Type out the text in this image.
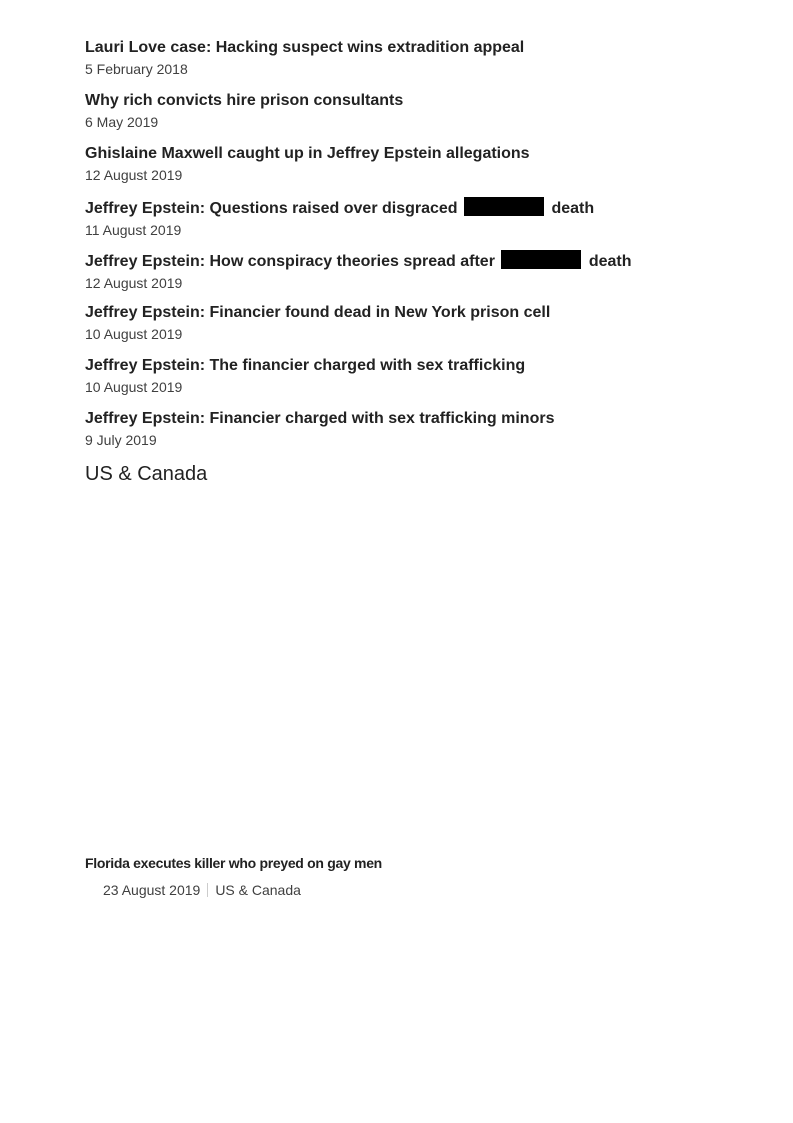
Lauri Love case: Hacking suspect wins extradition appeal
5 February 2018
Why rich convicts hire prison consultants
6 May 2019
Ghislaine Maxwell caught up in Jeffrey Epstein allegations
12 August 2019
Jeffrey Epstein: Questions raised over disgraced	death
11 August 2019
Jeffrey Epstein: How conspiracy theories spread after	death
12 August 2019
Jeffrey Epstein: Financier found dead in New York prison cell
10 August 2019
Jeffrey Epstein: The financier charged with sex trafficking
10 August 2019
Jeffrey Epstein: Financier charged with sex trafficking minors
9 July 2019
US & Canada
Florida executes killer who preyed on gay men
23 August 2019 US & Canada
